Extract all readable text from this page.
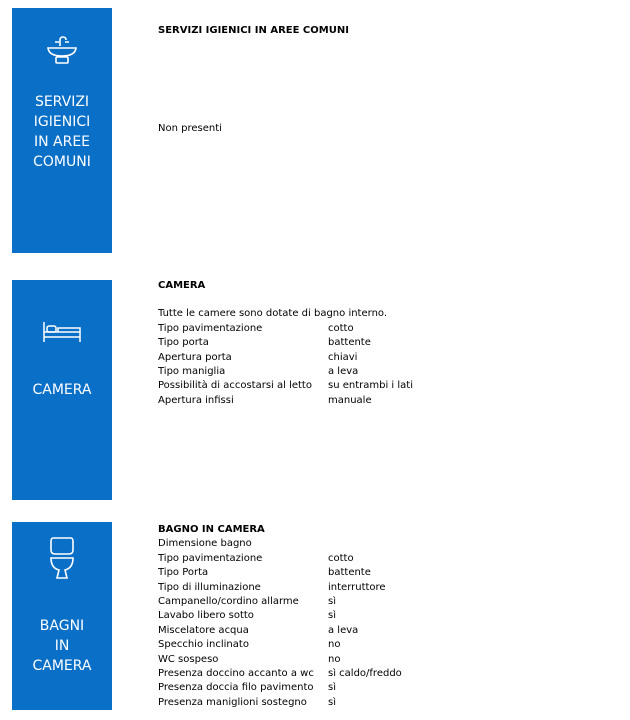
SERVIZI IGIENICI IN AREE COMUNI
SERVIZI IGIENICI IN AREE COMUNI
Non presenti
CAMERA
CAMERA
Tutte le camere sono dotate di bagno interno.
Tipo pavimentazione	cotto
Tipo porta	battente
Apertura porta	chiavi
Tipo maniglia	a leva
Possibilità di accostarsi al letto	su entrambi i lati
Apertura infissi	manuale
BAGNI IN CAMERA
BAGNO IN CAMERA
Dimensione bagno
Tipo pavimentazione	cotto
Tipo Porta	battente
Tipo di illuminazione	interruttore
Campanello/cordino allarme	sì
Lavabo libero sotto	sì
Miscelatore acqua	a leva
Specchio inclinato	no
WC sospeso	no
Presenza doccino accanto a wc	sì caldo/freddo
Presenza doccia filo pavimento	sì
Presenza maniglioni sostegno	sì
